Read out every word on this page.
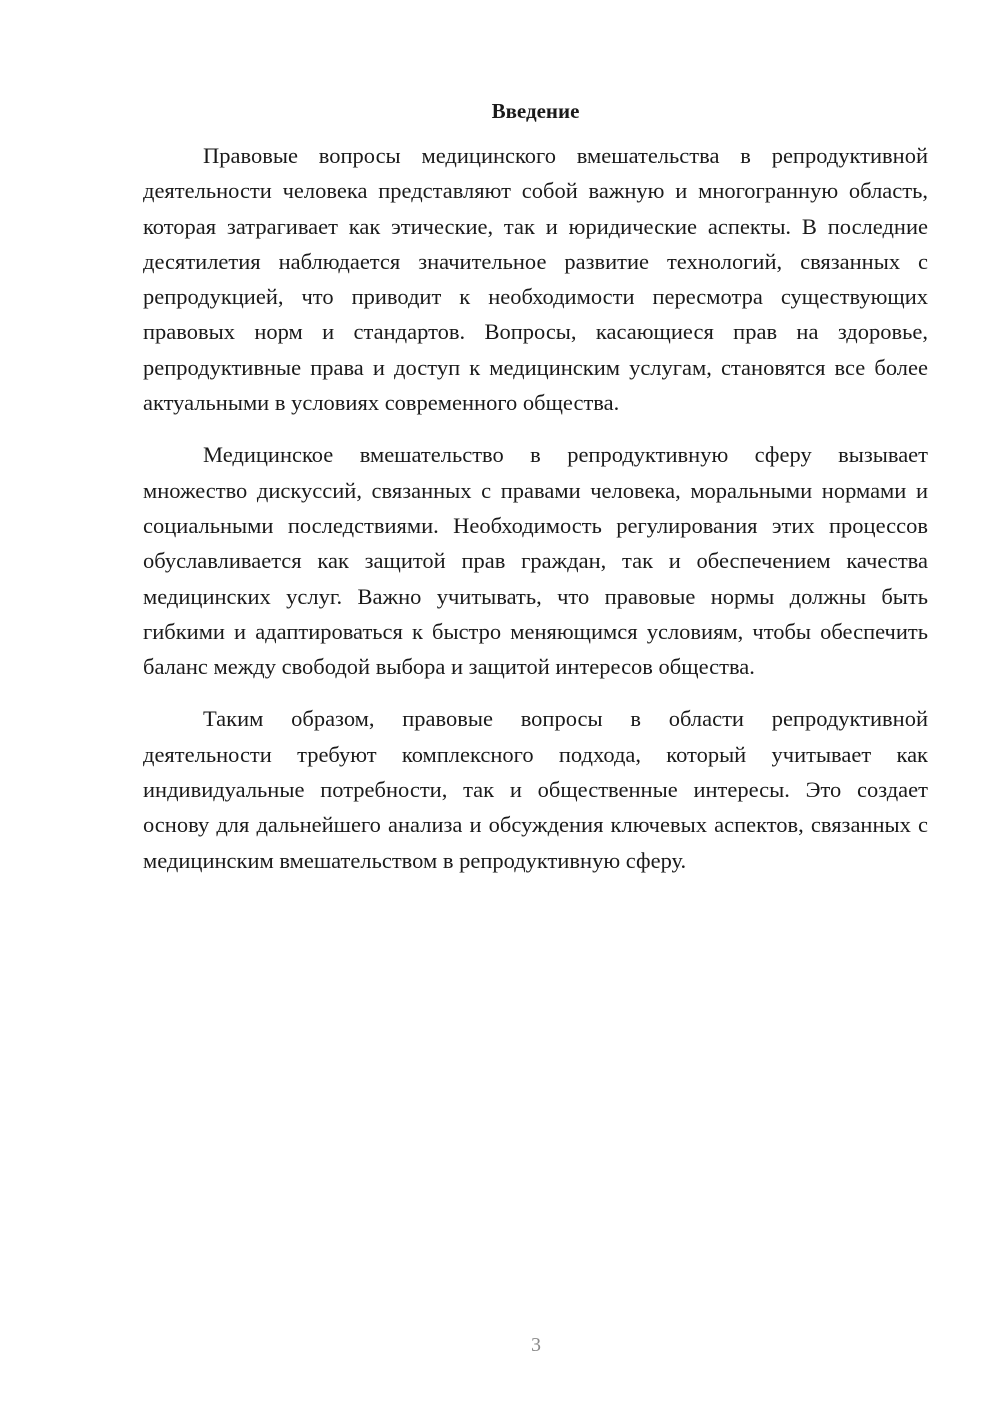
Введение

Правовые вопросы медицинского вмешательства в репродуктивной деятельности человека представляют собой важную и многогранную область, которая затрагивает как этические, так и юридические аспекты. В последние десятилетия наблюдается значительное развитие технологий, связанных с репродукцией, что приводит к необходимости пересмотра существующих правовых норм и стандартов. Вопросы, касающиеся прав на здоровье, репродуктивные права и доступ к медицинским услугам, становятся все более актуальными в условиях современного общества.

Медицинское вмешательство в репродуктивную сферу вызывает множество дискуссий, связанных с правами человека, моральными нормами и социальными последствиями. Необходимость регулирования этих процессов обуславливается как защитой прав граждан, так и обеспечением качества медицинских услуг. Важно учитывать, что правовые нормы должны быть гибкими и адаптироваться к быстро меняющимся условиям, чтобы обеспечить баланс между свободой выбора и защитой интересов общества.

Таким образом, правовые вопросы в области репродуктивной деятельности требуют комплексного подхода, который учитывает как индивидуальные потребности, так и общественные интересы. Это создает основу для дальнейшего анализа и обсуждения ключевых аспектов, связанных с медицинским вмешательством в репродуктивную сферу.

3
